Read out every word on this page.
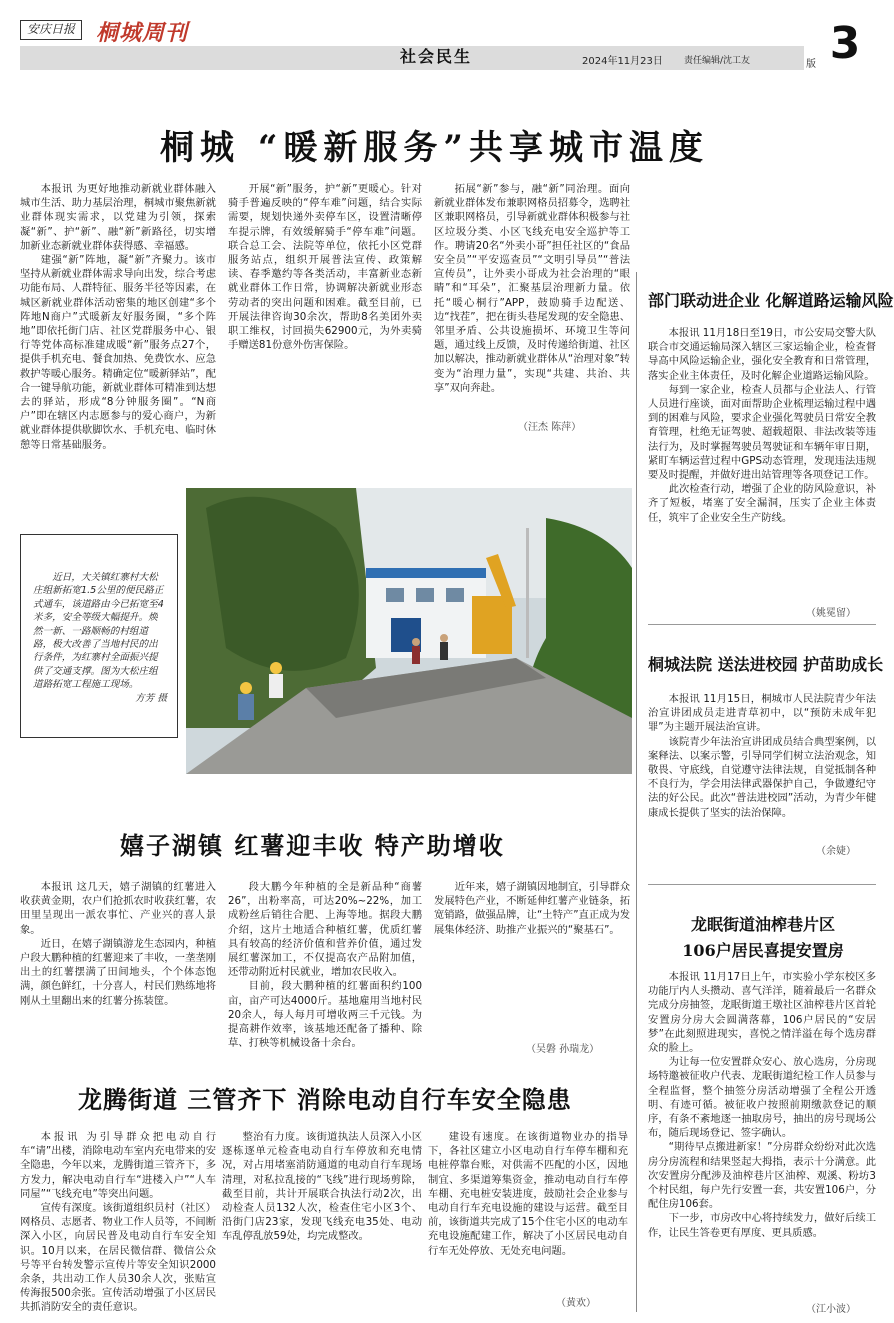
安庆日报 桐城周刊
社会民生	2024年11月23日 责任编辑/沈工友	版 3
桐城 “暖新服务”共享城市温度

本报讯 为更好地推动新就业群体融入城市生活、助力基层治理，桐城市聚焦新就业群体现实需求，以党建为引领，探索凝“新”、护“新”、融“新”新路径，切实增加新业态新就业群体获得感、幸福感。

建强“新”阵地，凝“新”齐聚力。该市坚持从新就业群体需求导向出发，综合考虑功能布局、人群特征、服务半径等因素，在城区新就业群体活动密集的地区创建“多个阵地N商户”式暖新友好服务圈，“多个阵地”即依托街门店、社区党群服务中心、银行等党体高标准建成暖“新”服务点27个，提供手机充电、餐食加热、免费饮水、应急救护等暖心服务。精确定位“暖新驿站”，配合一键导航功能，新就业群体可精准到达想去的驿站，形成“8分钟服务圈”。“N商户”即在辖区内志愿参与的爱心商户，为新就业群体提供歇脚饮水、手机充电、临时休憩等日常基础服务。

开展“新”服务，护“新”更暖心。针对骑手普遍反映的“停车难”问题，结合实际需要，规划快递外卖停车区，设置清晰停车提示牌，有效缓解骑手“停车难”问题。联合总工会、法院等单位，依托小区党群服务站点，组织开展普法宣传、政策解读、春季邀约等各类活动，丰富新业态新就业群体工作日常，协调解决新就业形态劳动者的突出问题和困难。截至目前，已开展法律咨询30余次，帮助8名美团外卖职工维权，讨回损失62900元，为外卖骑手赠送81份意外伤害保险。

拓展“新”参与，融“新”同治理。面向新就业群体发布兼职网格员招募令，选聘社区兼职网格员，引导新就业群体积极参与社区垃圾分类、小区飞线充电安全巡护等工作。聘请20名“外卖小哥”担任社区的“食品安全员”“平安巡查员”“文明引导员”“普法宣传员”，让外卖小哥成为社会治理的“眼睛”和“耳朵”，汇聚基层治理新力量。依托“暖心桐行”APP，鼓励骑手边配送、边“找茬”，把在街头巷尾发现的安全隐患、邻里矛盾、公共设施损坏、环境卫生等问题，通过线上反馈，及时传递给街道、社区加以解决，推动新就业群体从“治理对象”转变为“治理力量”，实现“共建、共治、共享”双向奔赴。

（汪杰 陈萍）

近日，大关镇红寨村大松庄组新拓宽1.5公里的便民路正式通车，该道路由今已拓宽至4米多，安全等级大幅提升。焕然一新、一路顺畅的村组道路，极大改善了当地村民的出行条件，为红寨村全面振兴提供了交通支撑。图为大松庄组道路拓宽工程施工现场。

方芳 摄
嬉子湖镇 红薯迎丰收 特产助增收

本报讯 这几天，嬉子湖镇的红薯进入收获黄金期，农户们抢抓农时收获红薯，农田里呈现出一派农事忙、产业兴的喜人景象。

近日，在嬉子湖镇游龙生态园内，种植户段大鹏种植的红薯迎来了丰收，一垄垄刚出土的红薯摆满了田间地头，个个体态饱满，颜色鲜红，十分喜人，村民们熟练地将刚从土里翻出来的红薯分拣装筐。

段大鹏今年种植的全是新品种“商薯26”，出粉率高，可达20%~22%，加工成粉丝后销往合肥、上海等地。据段大鹏介绍，这片土地适合种植红薯，优质红薯具有较高的经济价值和营养价值，通过发展红薯深加工，不仅提高农产品附加值，还带动附近村民就业，增加农民收入。

目前，段大鹏种植的红薯面积约100亩，亩产可达4000斤。基地雇用当地村民20余人，每人每月可增收两三千元钱。为提高耕作效率，该基地还配备了播种、除草、打秧等机械设备十余台。

近年来，嬉子湖镇因地制宜，引导群众发展特色产业，不断延伸红薯产业链条，拓宽销路，做强品牌，让“土特产”直正成为发展集体经济、助推产业振兴的“聚基石”。

（吴磐 孙瑞龙）
龙腾街道 三管齐下 消除电动自行车安全隐患

本报讯 为引导群众把电动自行车“请”出楼，消除电动车室内充电带来的安全隐患，今年以来，龙腾街道三管齐下，多方发力，解决电动自行车“进楼入户”“人车同屋”“飞线充电”等突出问题。

宣传有深度。该街道组织员村（社区）网格员、志愿者、物业工作人员等，不间断深入小区，向居民普及电动自行车安全知识。10月以来，在居民微信群、微信公众号等平台转发警示宣传片等安全知识2000余条，共出动工作人员30余人次，张贴宣传海报500余张。宣传活动增强了小区居民共抓消防安全的责任意识。

整治有力度。该街道执法人员深入小区逐栋逐单元检查电动自行车停放和充电情况，对占用堵塞消防通道的电动自行车现场清理，对私拉乱接的“飞线”进行现场剪除，截至目前，共计开展联合执法行动2次，出动检查人员132人次，检查住宅小区3个、沿街门店23家，发现飞线充电35处、电动车乱停乱放59处，均完成整改。

建设有速度。在该街道物业办的指导下，各社区建立小区电动自行车停车棚和充电桩停靠台账，对供需不匹配的小区，因地制宜、多渠道筹集资金，推动电动自行车停车棚、充电桩安装进度，鼓励社会企业参与电动自行车充电设施的建设与运营。截至目前，该街道共完成了15个住宅小区的电动车充电设施配建工作，解决了小区居民电动自行车无处停放、无处充电问题。

（黄欢）
部门联动进企业 化解道路运输风险

本报讯 11月18日至19日，市公安局交警大队联合市交通运输局深入辖区三家运输企业，检查督导高中风险运输企业，强化安全教育和日常管理，落实企业主体责任，及时化解企业道路运输风险。

每到一家企业，检查人员都与企业法人、行管人员进行座谈，面对面帮助企业梳理运输过程中遇到的困难与风险，要求企业强化驾驶员日常安全教育管理，杜绝无证驾驶、超载超限、非法改装等违法行为，及时掌握驾驶员驾驶证和车辆年审日期，紧盯车辆运营过程中GPS动态管理，发现违法违规要及时提醒，并做好进出站管理等各项登记工作。

此次检查行动，增强了企业的防风险意识，补齐了短板，堵塞了安全漏洞，压实了企业主体责任，筑牢了企业安全生产防线。

（姚冕留）
桐城法院 送法进校园 护苗助成长

本报讯 11月15日，桐城市人民法院青少年法治宣讲团成员走进青草初中，以“预防未成年犯罪”为主题开展法治宣讲。

该院青少年法治宣讲团成员结合典型案例，以案释法、以案示警，引导同学们树立法治观念，知敬畏、守底线，自觉遵守法律法规，自觉抵制各种不良行为，学会用法律武器保护自己，争做遵纪守法的好公民。此次“普法进校园”活动，为青少年健康成长提供了坚实的法治保障。

（余婕）
龙眠街道油榨巷片区
106户居民喜提安置房

本报讯 11月17日上午，市实验小学东校区多功能厅内人头攒动、喜气洋洋，随着最后一名群众完成分房抽签，龙眠街道王墩社区油榨巷片区首轮安置房分房大会圆满落幕，106户居民的“安居梦”在此刻照进现实，喜悦之情洋溢在每个选房群众的脸上。

为让每一位安置群众安心、放心选房，分房现场特邀被征收户代表、龙眠街道纪检工作人员参与全程监督，整个抽签分房活动增强了全程公开透明、有迹可循。被征收户按照前期缴款登记的顺序，有条不紊地逐一抽取房号，抽出的房号现场公布，随后现场登记、签字确认。

“期待早点搬进新家！”分房群众纷纷对此次选房分房流程和结果竖起大拇指，表示十分满意。此次安置房分配涉及油榨巷片区油榨、观溪、粉坊3个村民组，每户先行安置一套，共安置106户，分配住房106套。

下一步，市房改中心将持续发力，做好后续工作，让民生答卷更有厚度、更具质感。

（江小波）
